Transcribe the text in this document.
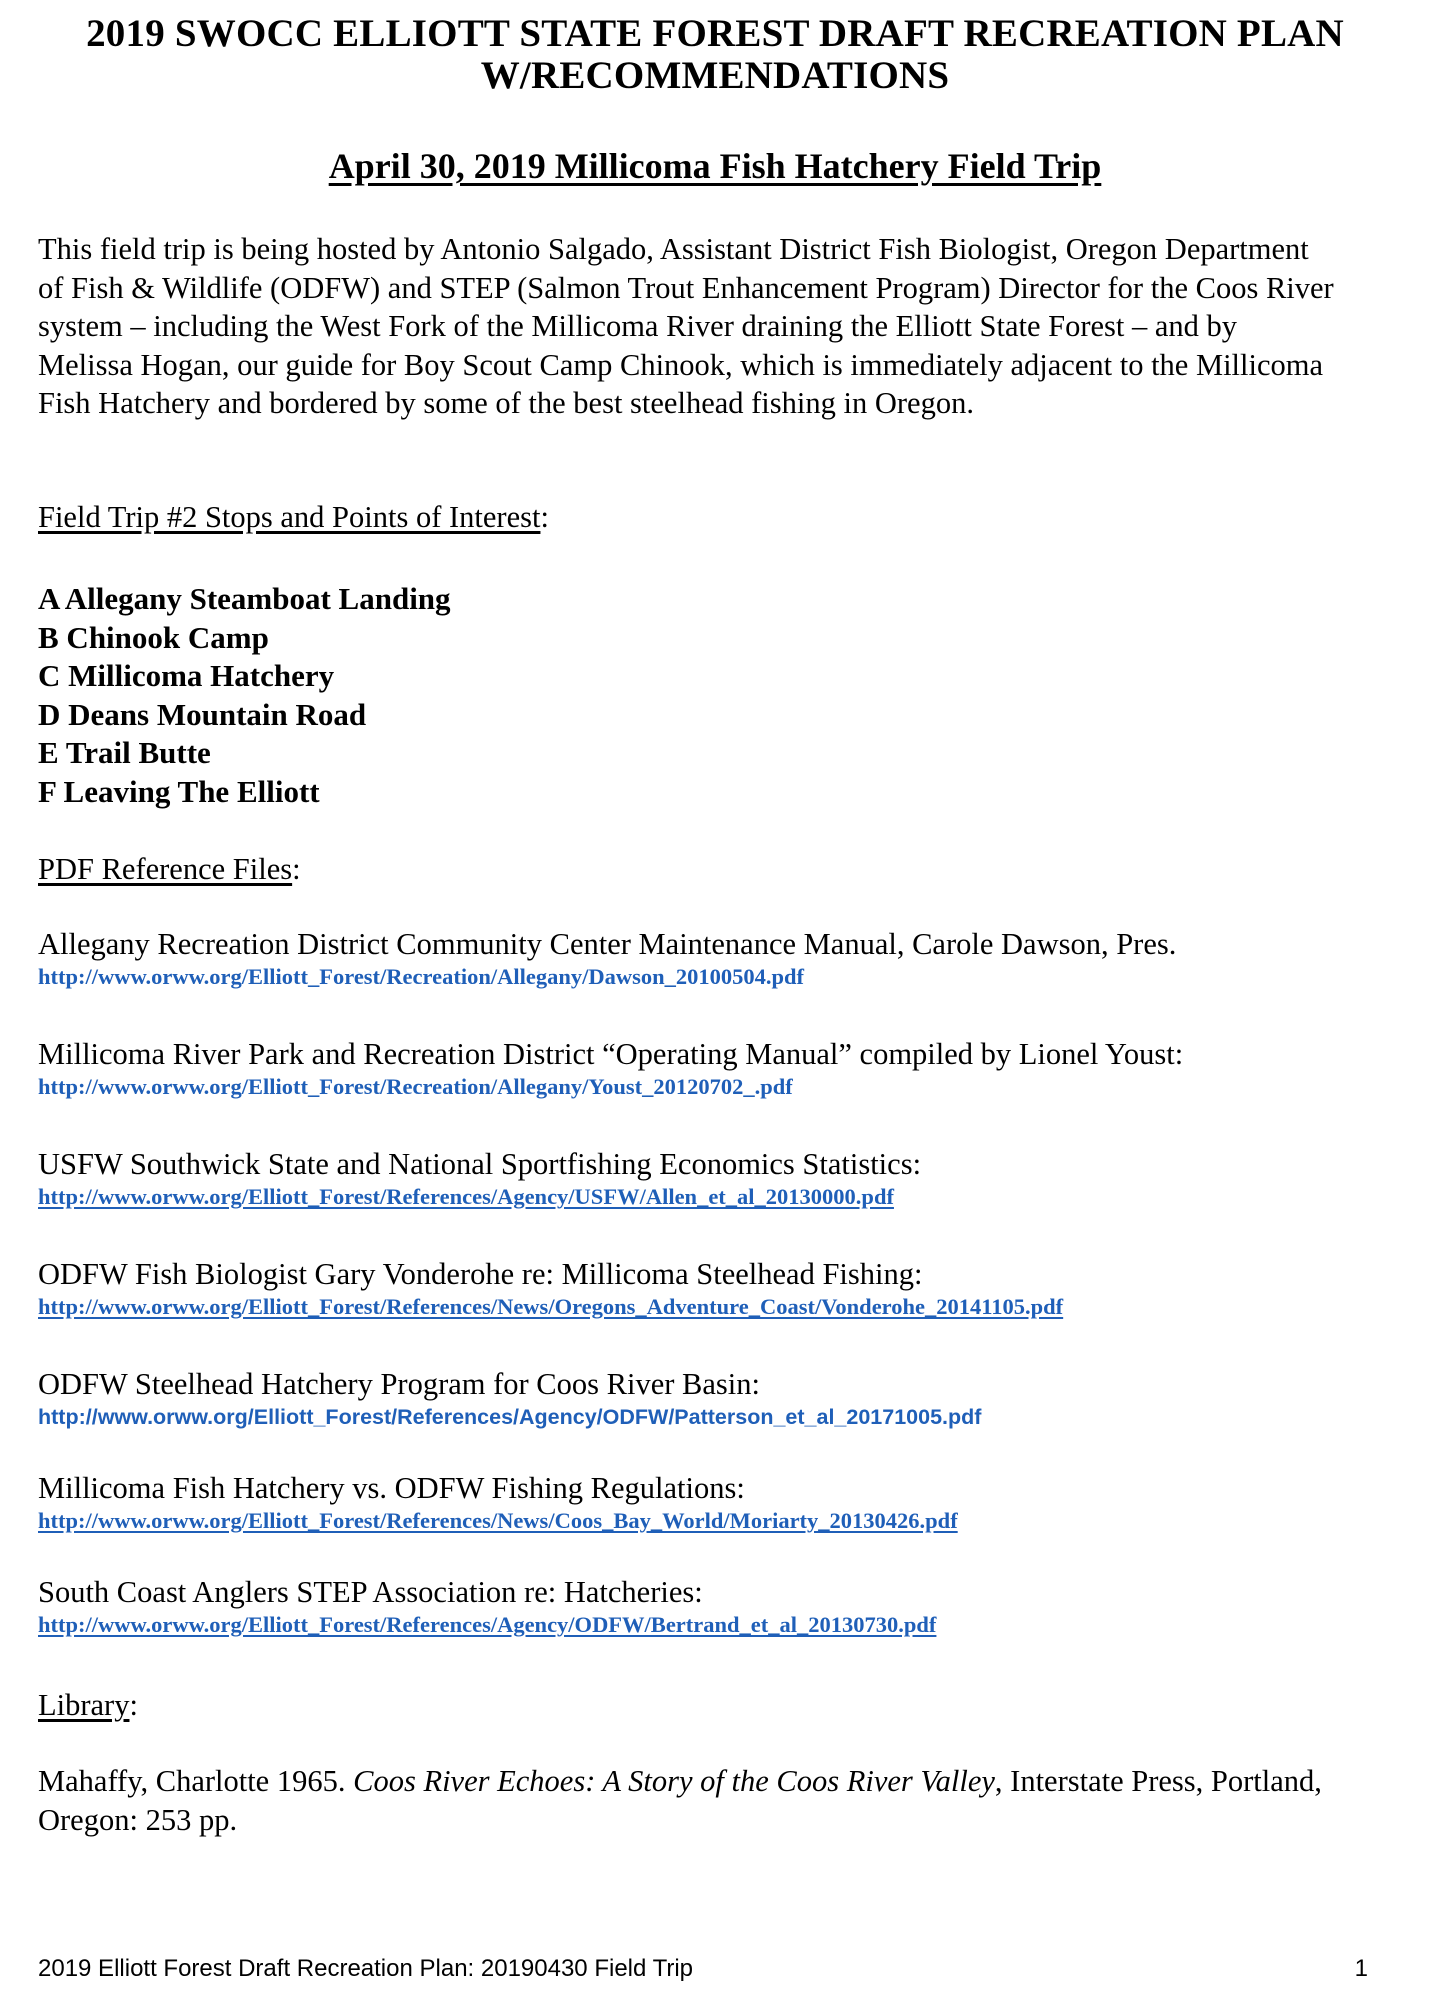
2019 SWOCC ELLIOTT STATE FOREST DRAFT RECREATION PLAN
W/RECOMMENDATIONS
April 30, 2019 Millicoma Fish Hatchery Field Trip
This field trip is being hosted by Antonio Salgado, Assistant District Fish Biologist, Oregon Department of Fish & Wildlife (ODFW) and STEP (Salmon Trout Enhancement Program) Director for the Coos River system – including the West Fork of the Millicoma River draining the Elliott State Forest – and by Melissa Hogan, our guide for Boy Scout Camp Chinook, which is immediately adjacent to the Millicoma Fish Hatchery and bordered by some of the best steelhead fishing in Oregon.
Field Trip #2 Stops and Points of Interest:
A Allegany Steamboat Landing
B Chinook Camp
C Millicoma Hatchery
D Deans Mountain Road
E Trail Butte
F Leaving The Elliott
PDF Reference Files:
Allegany Recreation District Community Center Maintenance Manual, Carole Dawson, Pres.
http://www.orww.org/Elliott_Forest/Recreation/Allegany/Dawson_20100504.pdf
Millicoma River Park and Recreation District “Operating Manual” compiled by Lionel Youst:
http://www.orww.org/Elliott_Forest/Recreation/Allegany/Youst_20120702_.pdf
USFW Southwick State and National Sportfishing Economics Statistics:
http://www.orww.org/Elliott_Forest/References/Agency/USFW/Allen_et_al_20130000.pdf
ODFW Fish Biologist Gary Vonderohe re: Millicoma Steelhead Fishing:
http://www.orww.org/Elliott_Forest/References/News/Oregons_Adventure_Coast/Vonderohe_20141105.pdf
ODFW Steelhead Hatchery Program for Coos River Basin:
http://www.orww.org/Elliott_Forest/References/Agency/ODFW/Patterson_et_al_20171005.pdf
Millicoma Fish Hatchery vs. ODFW Fishing Regulations:
http://www.orww.org/Elliott_Forest/References/News/Coos_Bay_World/Moriarty_20130426.pdf
South Coast Anglers STEP Association re: Hatcheries:
http://www.orww.org/Elliott_Forest/References/Agency/ODFW/Bertrand_et_al_20130730.pdf
Library:
Mahaffy, Charlotte 1965. Coos River Echoes: A Story of the Coos River Valley, Interstate Press, Portland, Oregon: 253 pp.
2019 Elliott Forest Draft Recreation Plan: 20190430 Field Trip	1
